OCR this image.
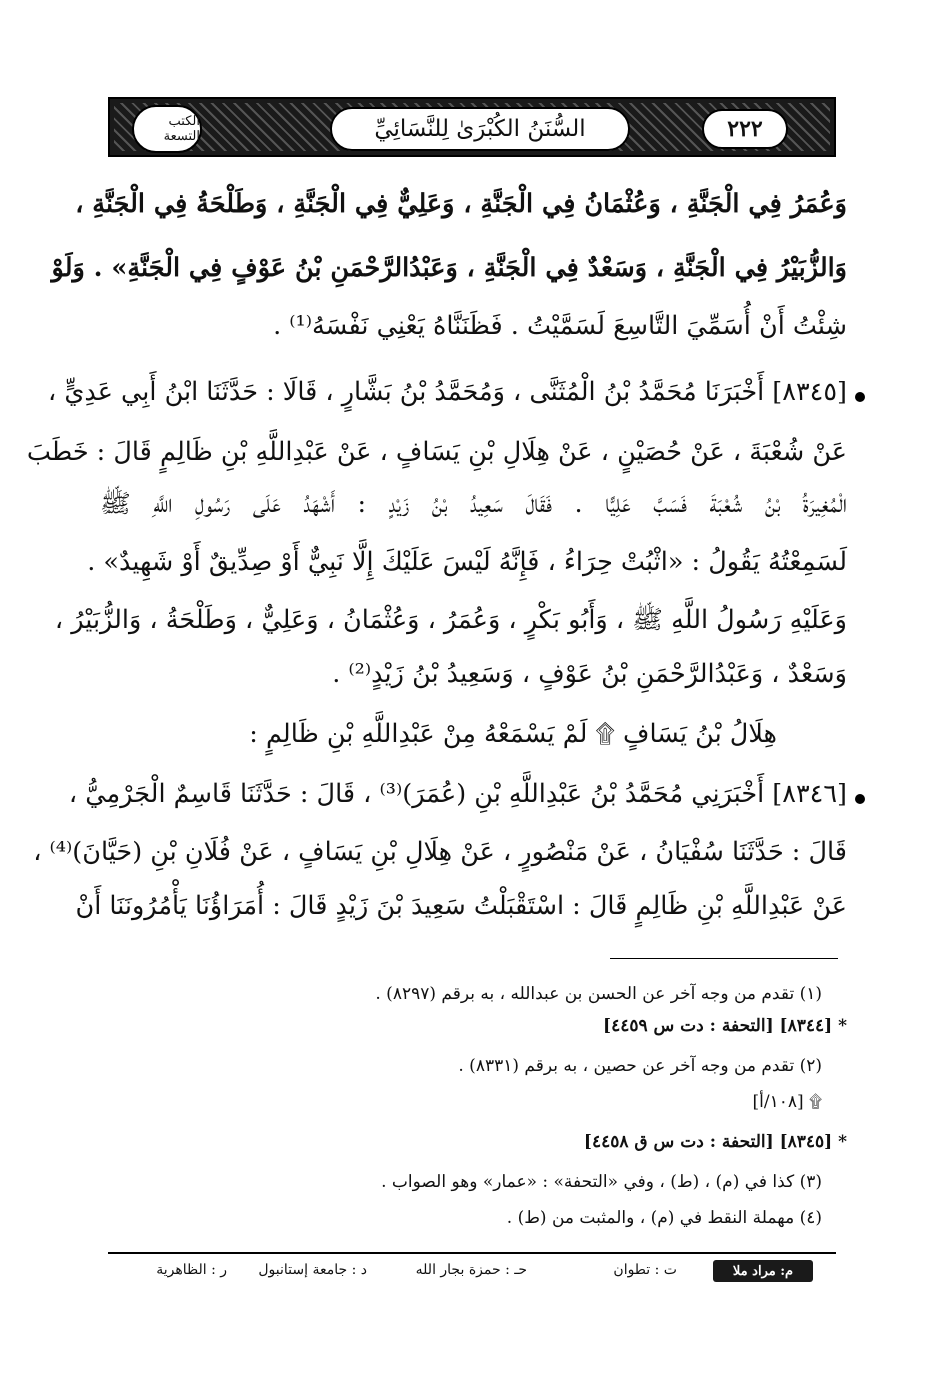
٢٢٢
السُّنَنُ الكُبْرَىٰ لِلنَّسَائِيِّ
الكتب التسعة
وَعُمَرُ فِي الْجَنَّةِ ، وَعُثْمَانُ فِي الْجَنَّةِ ، وَعَلِيٌّ فِي الْجَنَّةِ ، وَطَلْحَةُ فِي الْجَنَّةِ ،
وَالزُّبَيْرُ فِي الْجَنَّةِ ، وَسَعْدٌ فِي الْجَنَّةِ ، وَعَبْدُالرَّحْمَنِ بْنُ عَوْفٍ فِي الْجَنَّةِ» . وَلَوْ
شِئْتُ أَنْ أُسَمِّيَ التَّاسِعَ لَسَمَّيْتُ . فَظَنَنَّاهُ يَعْنِي نَفْسَهُ⁽¹⁾ .
[٨٣٤٥] أَخْبَرَنَا مُحَمَّدُ بْنُ الْمُثَنَّى ، وَمُحَمَّدُ بْنُ بَشَّارٍ ، قَالَا : حَدَّثَنَا ابْنُ أَبِي عَدِيٍّ ،
عَنْ شُعْبَةَ ، عَنْ حُصَيْنٍ ، عَنْ هِلَالِ بْنِ يَسَافٍ ، عَنْ عَبْدِاللَّهِ بْنِ ظَالِمٍ قَالَ : خَطَبَ
الْمُغِيرَةُ بْنُ شُعْبَةَ فَسَبَّ عَلِيًّا . فَقَالَ سَعِيدُ بْنُ زَيْدٍ : أَشْهَدُ عَلَى رَسُولِ اللَّهِ ﷺ
لَسَمِعْتُهُ يَقُولُ : «اثْبُتْ حِرَاءُ ، فَإِنَّهُ لَيْسَ عَلَيْكَ إِلَّا نَبِيٌّ أَوْ صِدِّيقٌ أَوْ شَهِيدٌ» .
وَعَلَيْهِ رَسُولُ اللَّهِ ﷺ ، وَأَبُو بَكْرٍ ، وَعُمَرُ ، وَعُثْمَانُ ، وَعَلِيٌّ ، وَطَلْحَةُ ، وَالزُّبَيْرُ ،
وَسَعْدٌ ، وَعَبْدُالرَّحْمَنِ بْنُ عَوْفٍ ، وَسَعِيدُ بْنُ زَيْدٍ⁽²⁾ .
هِلَالُ بْنُ يَسَافٍ ۩ لَمْ يَسْمَعْهُ مِنْ عَبْدِاللَّهِ بْنِ ظَالِمٍ :
[٨٣٤٦] أَخْبَرَنِي مُحَمَّدُ بْنُ عَبْدِاللَّهِ بْنِ (عُمَرَ)⁽³⁾ ، قَالَ : حَدَّثَنَا قَاسِمٌ الْجَرْمِيُّ ،
قَالَ : حَدَّثَنَا سُفْيَانُ ، عَنْ مَنْصُورٍ ، عَنْ هِلَالِ بْنِ يَسَافٍ ، عَنْ فُلَانِ بْنِ (حَيَّانَ)⁽⁴⁾ ،
عَنْ عَبْدِاللَّهِ بْنِ ظَالِمٍ قَالَ : اسْتَقْبَلْتُ سَعِيدَ بْنَ زَيْدٍ قَالَ : أُمَرَاؤُنَا يَأْمُرُونَنَا أَنْ
(١) تقدم من وجه آخر عن الحسن بن عبدالله ، به برقم (٨٢٩٧) .
* [٨٣٤٤] [التحفة : دت س ٤٤٥٩]
(٢) تقدم من وجه آخر عن حصين ، به برقم (٨٣٣١) .
۩ [١٠٨/أ]
* [٨٣٤٥] [التحفة : دت س ق ٤٤٥٨]
(٣) كذا في (م) ، (ط) ، وفي «التحفة» : «عمار» وهو الصواب .
(٤) مهملة النقط في (م) ، والمثبت من (ط) .
م: مراد ملا
ت : تطوان
حـ : حمزة بجار الله
د : جامعة إستانبول
ر : الظاهرية
